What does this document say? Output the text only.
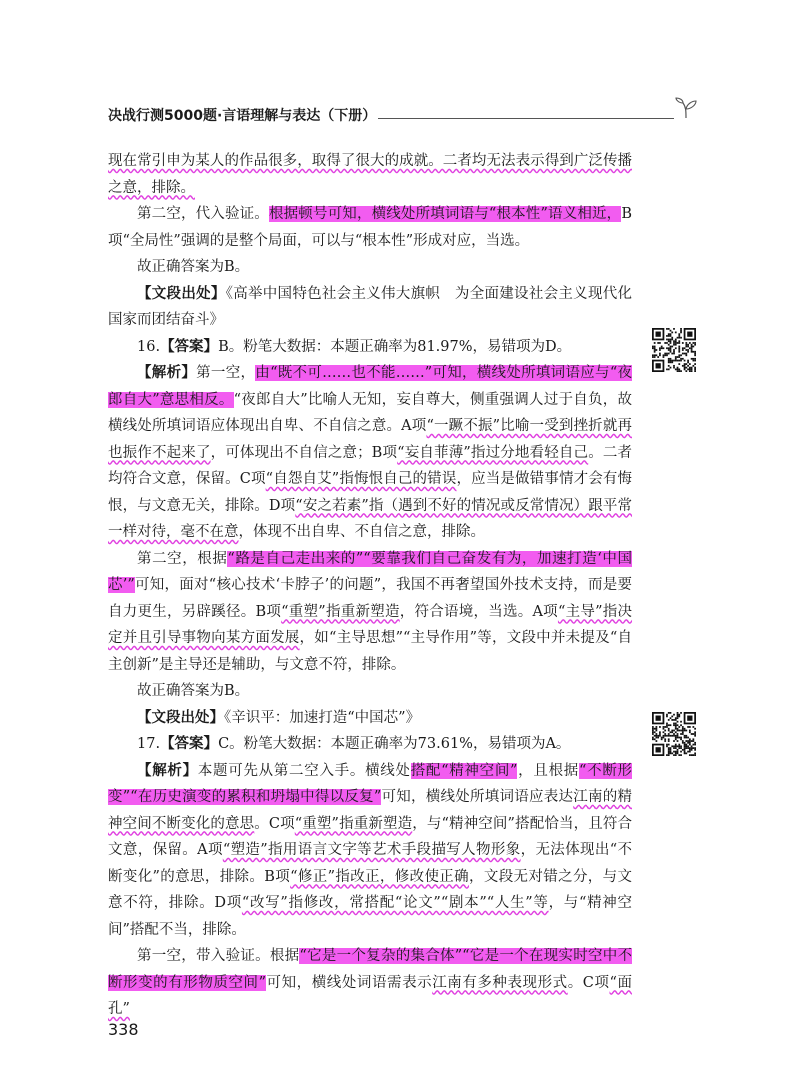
决战行测5000题·言语理解与表达（下册）

现在常引申为某人的作品很多，取得了很大的成就。二者均无法表示得到广泛传播之意，排除。

第二空，代入验证。根据顿号可知，横线处所填词语与“根本性”语义相近，B项“全局性”强调的是整个局面，可以与“根本性”形成对应，当选。

故正确答案为B。

【文段出处】《高举中国特色社会主义伟大旗帜　为全面建设社会主义现代化国家而团结奋斗》

16.【答案】B。粉笔大数据：本题正确率为81.97%，易错项为D。

【解析】第一空，由“既不可……也不能……”可知，横线处所填词语应与“夜郎自大”意思相反。“夜郎自大”比喻人无知，妄自尊大，侧重强调人过于自负，故横线处所填词语应体现出自卑、不自信之意。A项“一蹶不振”比喻一受到挫折就再也振作不起来了，可体现出不自信之意；B项“妄自菲薄”指过分地看轻自己。二者均符合文意，保留。C项“自怨自艾”指悔恨自己的错误，应当是做错事情才会有悔恨，与文意无关，排除。D项“安之若素”指（遇到不好的情况或反常情况）跟平常一样对待，毫不在意，体现不出自卑、不自信之意，排除。

第二空，根据“路是自己走出来的”“要靠我们自己奋发有为，加速打造‘中国芯’”可知，面对“核心技术‘卡脖子’的问题”，我国不再奢望国外技术支持，而是要自力更生，另辟蹊径。B项“重塑”指重新塑造，符合语境，当选。A项“主导”指决定并且引导事物向某方面发展，如“主导思想”“主导作用”等，文段中并未提及“自主创新”是主导还是辅助，与文意不符，排除。

故正确答案为B。

【文段出处】《辛识平：加速打造“中国芯”》

17.【答案】C。粉笔大数据：本题正确率为73.61%，易错项为A。

【解析】本题可先从第二空入手。横线处搭配“精神空间”，且根据“不断形变”“在历史演变的累积和坍塌中得以反复”可知，横线处所填词语应表达江南的精神空间不断变化的意思。C项“重塑”指重新塑造，与“精神空间”搭配恰当，且符合文意，保留。A项“塑造”指用语言文字等艺术手段描写人物形象，无法体现出“不断变化”的意思，排除。B项“修正”指改正，修改使正确，文段无对错之分，与文意不符，排除。D项“改写”指修改，常搭配“论文”“剧本”“人生”等，与“精神空间”搭配不当，排除。

第一空，带入验证。根据“它是一个复杂的集合体”“它是一个在现实时空中不断形变的有形物质空间”可知，横线处词语需表示江南有多种表现形式。C项“面孔”

338
